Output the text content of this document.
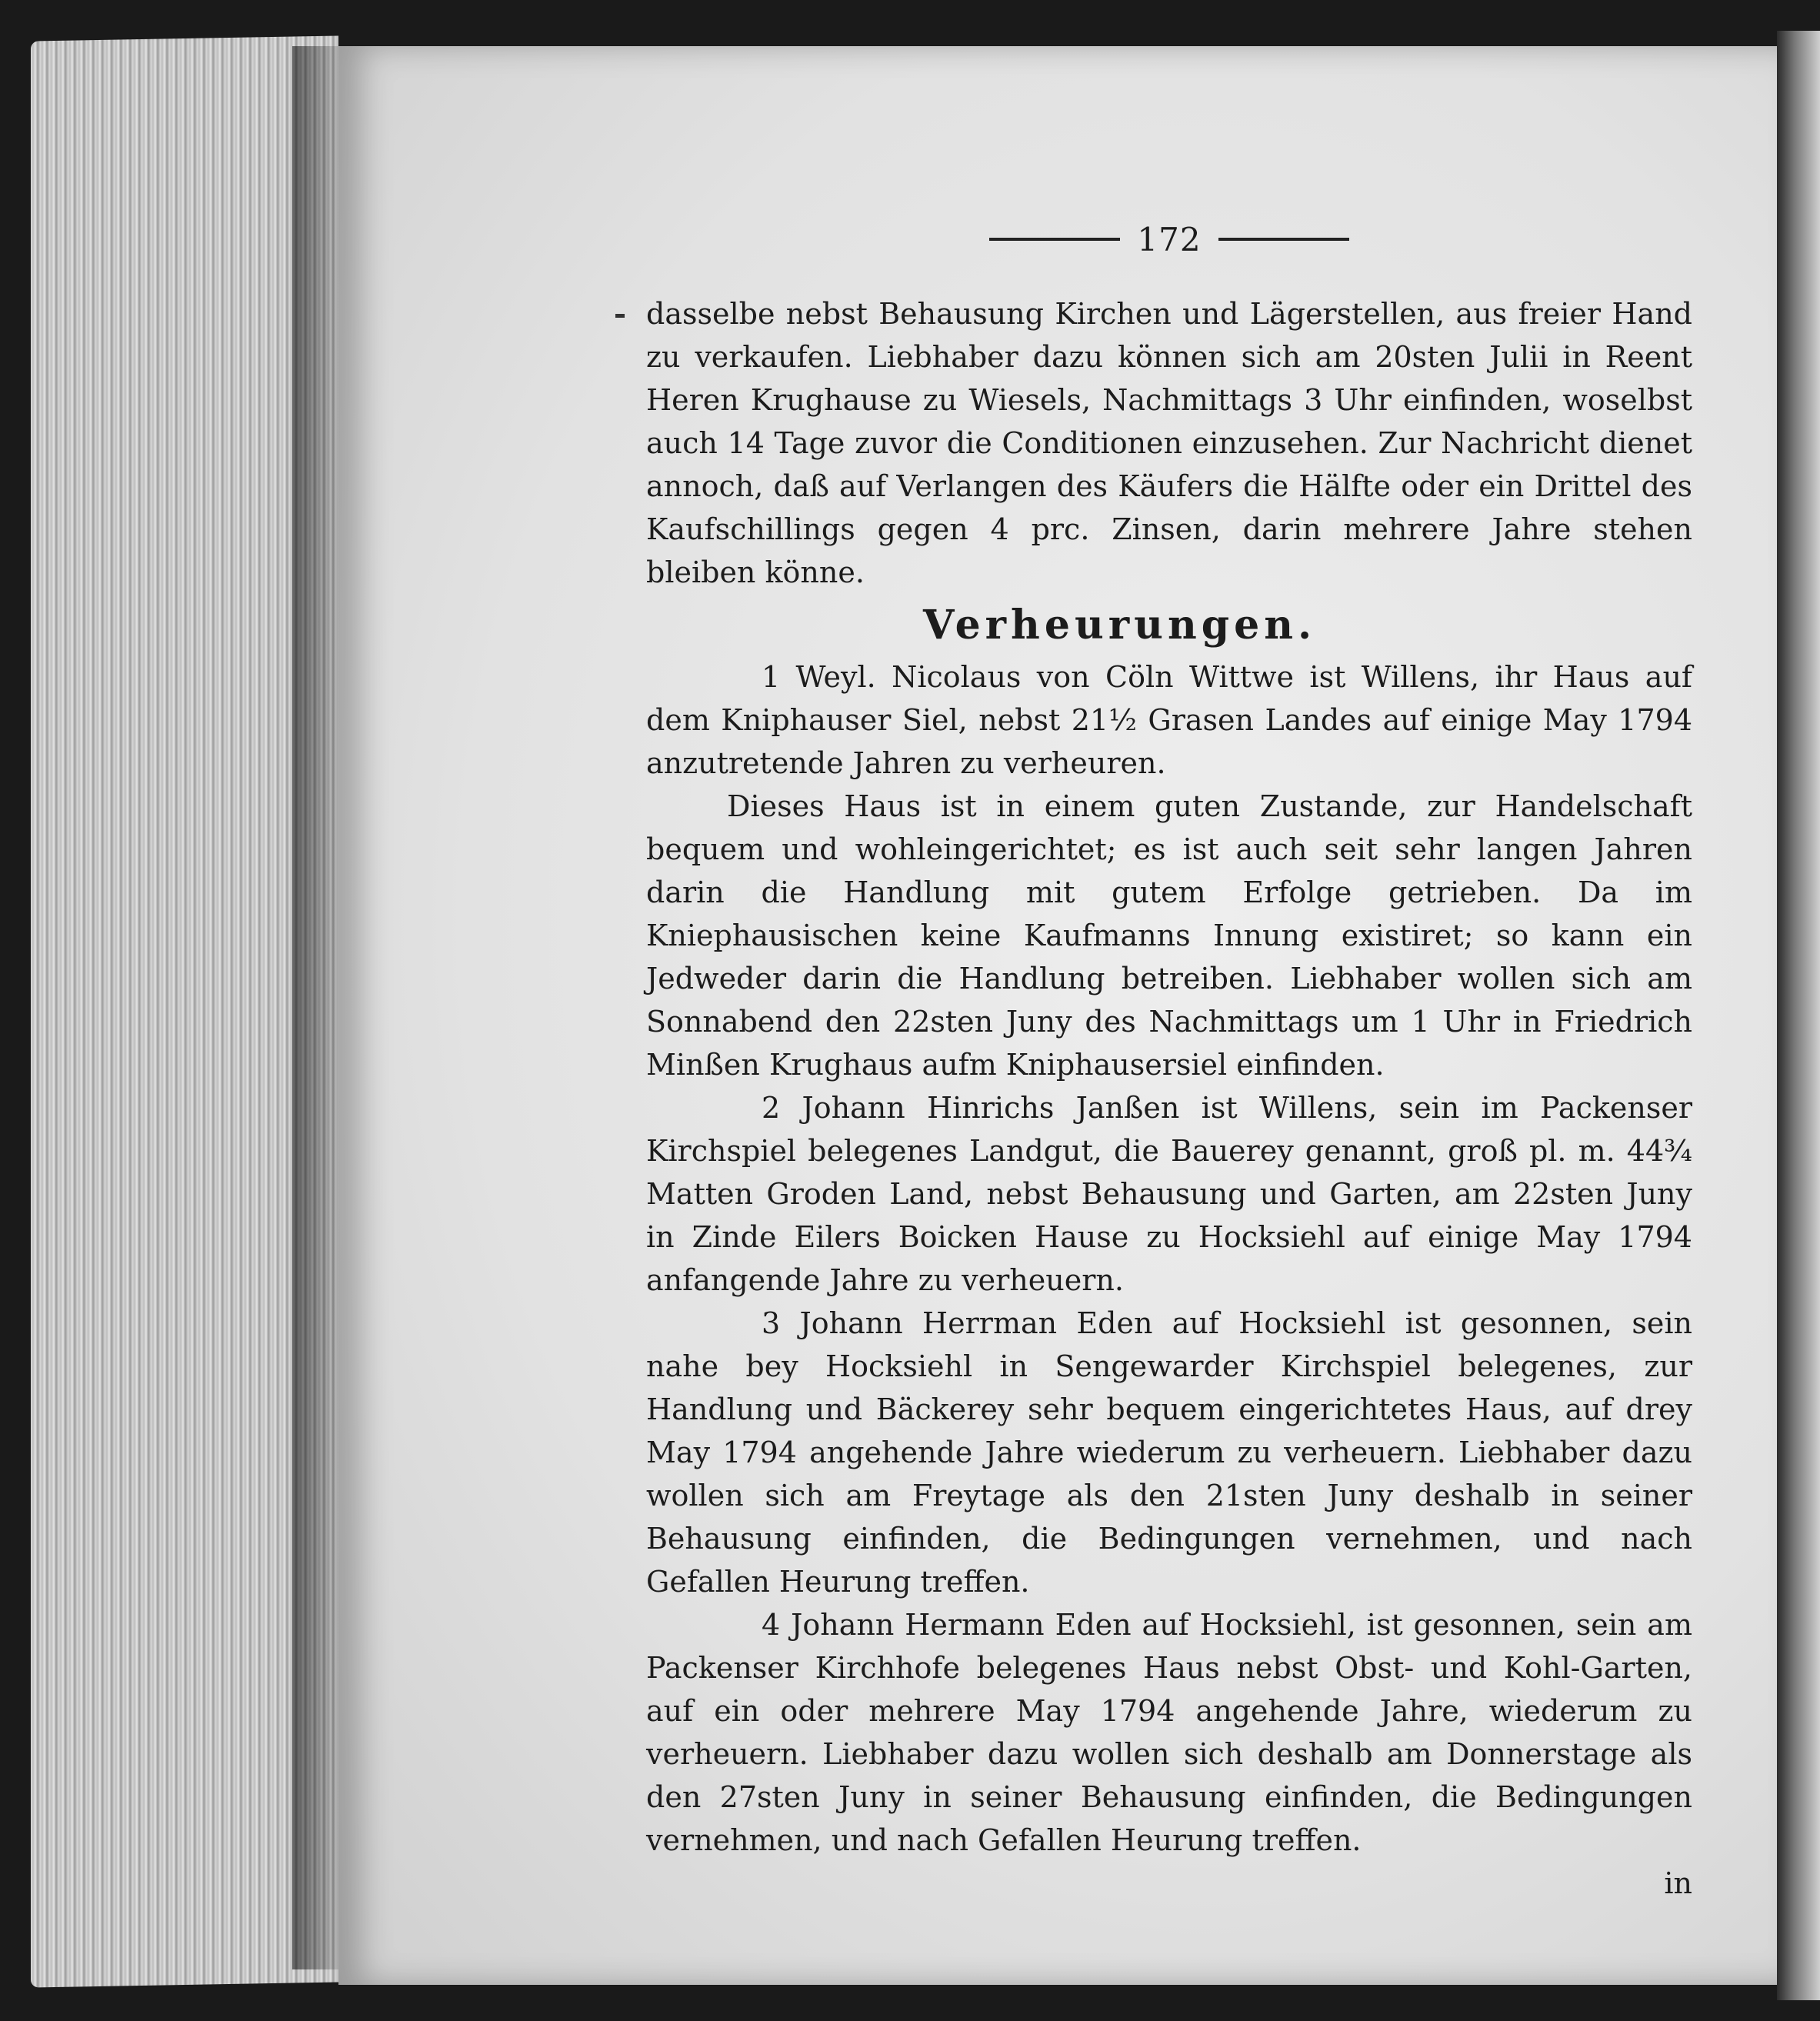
172

dasselbe nebst Behausung Kirchen und Lägerstellen, aus freier Hand zu verkaufen. Liebhaber dazu können sich am 20sten Julii in Reent Heren Krughause zu Wiesels, Nachmittags 3 Uhr einfinden, woselbst auch 14 Tage zuvor die Conditionen einzusehen. Zur Nachricht dienet annoch, daß auf Verlangen des Käufers die Hälfte oder ein Drittel des Kaufschillings gegen 4 prc. Zinsen, darin mehrere Jahre stehen bleiben könne.

Verheurungen.

1 Weyl. Nicolaus von Cöln Wittwe ist Willens, ihr Haus auf dem Kniphauser Siel, nebst 21½ Grasen Landes auf einige May 1794 anzutretende Jahren zu verheuren.

Dieses Haus ist in einem guten Zustande, zur Handelschaft bequem und wohleingerichtet; es ist auch seit sehr langen Jahren darin die Handlung mit gutem Erfolge getrieben. Da im Kniephausischen keine Kaufmanns Innung existiret; so kann ein Jedweder darin die Handlung betreiben. Liebhaber wollen sich am Sonnabend den 22sten Juny des Nachmittags um 1 Uhr in Friedrich Minßen Krughaus aufm Kniphausersiel einfinden.

2 Johann Hinrichs Janßen ist Willens, sein im Packenser Kirchspiel belegenes Landgut, die Bauerey genannt, groß pl. m. 44¾ Matten Groden Land, nebst Behausung und Garten, am 22sten Juny in Zinde Eilers Boicken Hause zu Hocksiehl auf einige May 1794 anfangende Jahre zu verheuern.

3 Johann Herrman Eden auf Hocksiehl ist gesonnen, sein nahe bey Hocksiehl in Sengewarder Kirchspiel belegenes, zur Handlung und Bäckerey sehr bequem eingerichtetes Haus, auf drey May 1794 angehende Jahre wiederum zu verheuern. Liebhaber dazu wollen sich am Freytage als den 21sten Juny deshalb in seiner Behausung einfinden, die Bedingungen vernehmen, und nach Gefallen Heurung treffen.

4 Johann Hermann Eden auf Hocksiehl, ist gesonnen, sein am Packenser Kirchhofe belegenes Haus nebst Obst- und Kohl-Garten, auf ein oder mehrere May 1794 angehende Jahre, wiederum zu verheuern. Liebhaber dazu wollen sich deshalb am Donnerstage als den 27sten Juny in seiner Behausung einfinden, die Bedingungen vernehmen, und nach Gefallen Heurung treffen.

in
